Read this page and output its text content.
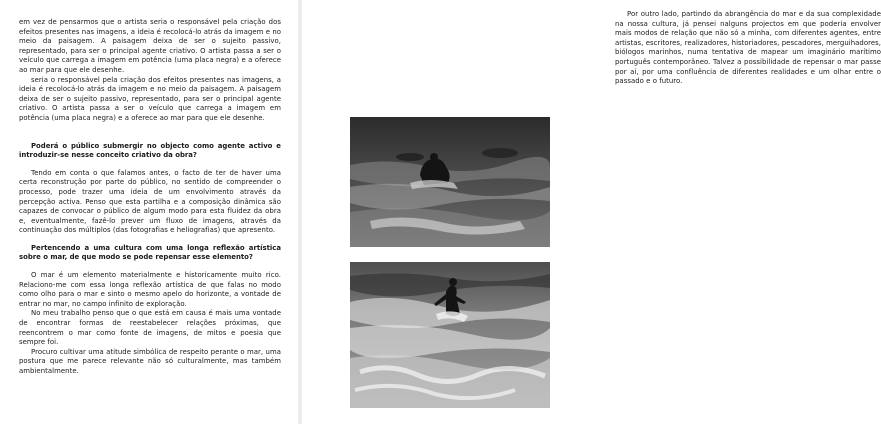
em vez de pensarmos que o artista seria o responsável pela criação dos efeitos presentes nas imagens, a ideia é recolocá-lo atrás da imagem e no meio da paisagem. A paisagem deixa de ser o sujeito passivo, representado, para ser o principal agente criativo. O artista passa a ser o veículo que carrega a imagem em potência (uma placa negra) e a oferece ao mar para que ele desenhe.

seria o responsável pela criação dos efeitos presentes nas imagens, a ideia é recolocá-lo atrás da imagem e no meio da paisagem. A paisagem deixa de ser o sujeito passivo, representado, para ser o principal agente criativo. O artista passa a ser o veículo que carrega a imagem em potência (uma placa negra) e a oferece ao mar para que ele desenhe.

Poderá o público submergir no objecto como agente activo e introduzir-se nesse conceito criativo da obra?

Tendo em conta o que falamos antes, o facto de ter de haver uma certa reconstrução por parte do público, no sentido de compreender o processo, pode trazer uma ideia de um envolvimento através da percepção activa. Penso que esta partilha e a composição dinâmica são capazes de convocar o público de algum modo para esta fluidez da obra e, eventualmente, fazê-lo prever um fluxo de imagens, através da continuação dos múltiplos (das fotografias e heliografias) que apresento.

Pertencendo a uma cultura com uma longa reflexão artística sobre o mar, de que modo se pode repensar esse elemento?

O mar é um elemento materialmente e historicamente muito rico. Relaciono-me com essa longa reflexão artística de que falas no modo como olho para o mar e sinto o mesmo apelo do horizonte, a vontade de entrar no mar, no campo infinito de exploração.

No meu trabalho penso que o que está em causa é mais uma vontade de encontrar formas de reestabelecer relações próximas, que reencontrem o mar como fonte de imagens, de mitos e poesia que sempre foi.

Procuro cultivar uma atitude simbólica de respeito perante o mar, uma postura que me parece relevante não só culturalmente, mas também ambientalmente.

Por outro lado, partindo da abrangência do mar e da sua complexidade na nossa cultura, já pensei nalguns projectos em que poderia envolver mais modos de relação que não só a minha, com diferentes agentes, entre artistas, escritores, realizadores, historiadores, pescadores, merguihadores, biólogos marinhos, numa tentativa de mapear um imaginário marítimo português contemporâneo. Talvez a possibilidade de repensar o mar passe por aí, por uma confluência de diferentes realidades e um olhar entre o passado e o futuro.
